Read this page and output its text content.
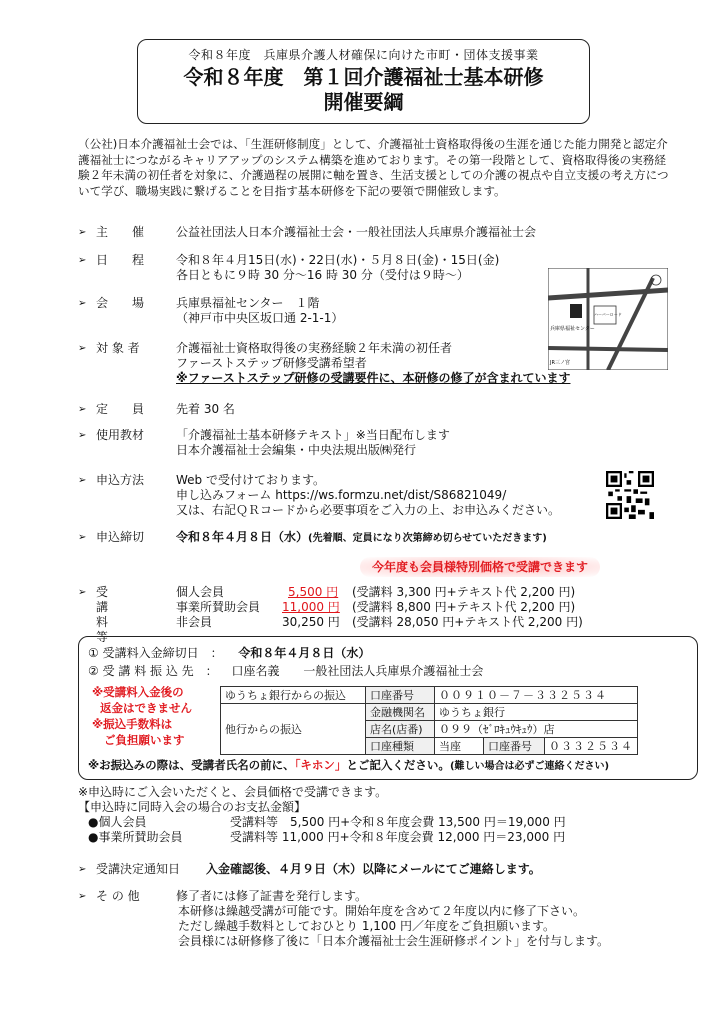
令和８年度　兵庫県介護人材確保に向けた市町・団体支援事業
令和８年度　第１回介護福祉士基本研修
開催要綱
（公社)日本介護福祉士会では、「生涯研修制度」として、介護福祉士資格取得後の生涯を通じた能力開発と認定介護福祉士につながるキャリアアップのシステム構築を進めております。その第一段階として、資格取得後の実務経験２年未満の初任者を対象に、介護過程の展開に軸を置き、生活支援としての介護の視点や自立支援の考え方について学び、職場実践に繋げることを目指す基本研修を下記の要領で開催致します。
➢ 主　　催	公益社団法人日本介護福祉士会・一般社団法人兵庫県介護福祉士会
➢ 日　　程	令和８年４月15日(水)・22日(水)・５月８日(金)・15日(金)
各日ともに９時 30 分～16 時 30 分（受付は９時～）
➢ 会　　場	兵庫県福祉センター　１階
（神戸市中央区坂口通 2-1-1）
兵庫県福祉センター
JR三ノ宮
ハーバーロード
➢ 対 象 者	介護福祉士資格取得後の実務経験２年未満の初任者
ファーストステップ研修受講希望者
※ファーストステップ研修の受講要件に、本研修の修了が含まれています
➢ 定　　員	先着 30 名
➢ 使用教材	「介護福祉士基本研修テキスト」※当日配布します
日本介護福祉士会編集・中央法規出版㈱発行
➢ 申込方法	Web で受付けております。
申し込みフォーム https://ws.formzu.net/dist/S86821049/
又は、右記ＱＲコードから必要事項をご入力の上、お申込みください。
➢ 申込締切	令和８年４月８日（水）(先着順、定員になり次第締め切らせていただきます)
今年度も会員様特別価格で受講できます
➢ 受講料等
個人会員	5,500 円 (受講料 3,300 円+テキスト代 2,200 円)
事業所賛助会員 11,000 円 (受講料 8,800 円+テキスト代 2,200 円)
非会員	30,250 円 (受講料 28,050 円+テキスト代 2,200 円)
① 受講料入金締切日　： 令和８年４月８日（水）
② 受 講 料 振 込 先　： 口座名義 一般社団法人兵庫県介護福祉士会
※受講料入金後の
返金はできません
※振込手数料は
ご負担願います
ゆうちょ銀行からの振込	口座番号	００９１０－７－３３２５３４		
他行からの振込	金融機関名	ゆうちょ銀行		
	店名(店番)	０９９（ｾﾞﾛｷｭｳｷｭｳ）店		
	口座種類	当座	口座番号	０３３２５３４
※お振込みの際は、受講者氏名の前に、「キホン」とご記入ください。(難しい場合は必ずご連絡ください)
※申込時にご入会いただくと、会員価格で受講できます。
【申込時に同時入会の場合のお支払金額】
●個人会員	受講料等　5,500 円+令和８年度会費 13,500 円＝19,000 円
●事業所賛助会員	受講料等 11,000 円+令和８年度会費 12,000 円＝23,000 円
➢ 受講決定通知日 入金確認後、４月９日（木）以降にメールにてご連絡します。
➢ そ の 他	修了者には修了証書を発行します。
本研修は繰越受講が可能です。開始年度を含めて２年度以内に修了下さい。
ただし繰越手数料としておひとり 1,100 円／年度をご負担願います。
会員様には研修修了後に「日本介護福祉士会生涯研修ポイント」を付与します。
